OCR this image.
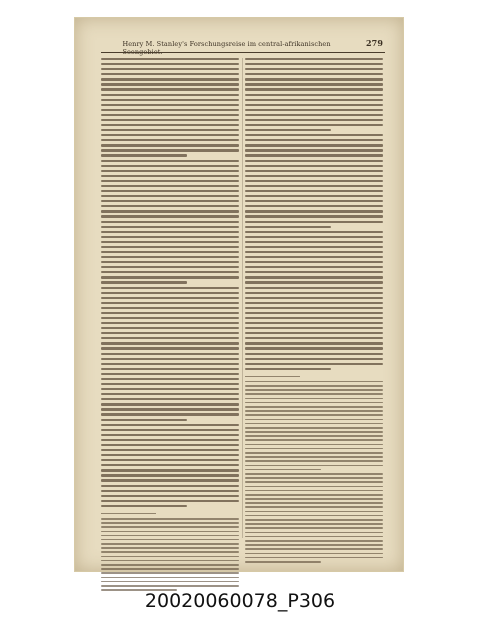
Henry M. Stanley's Forschungsreise im central-afrikanischen Seengebiet.
279
20020060078_P306
